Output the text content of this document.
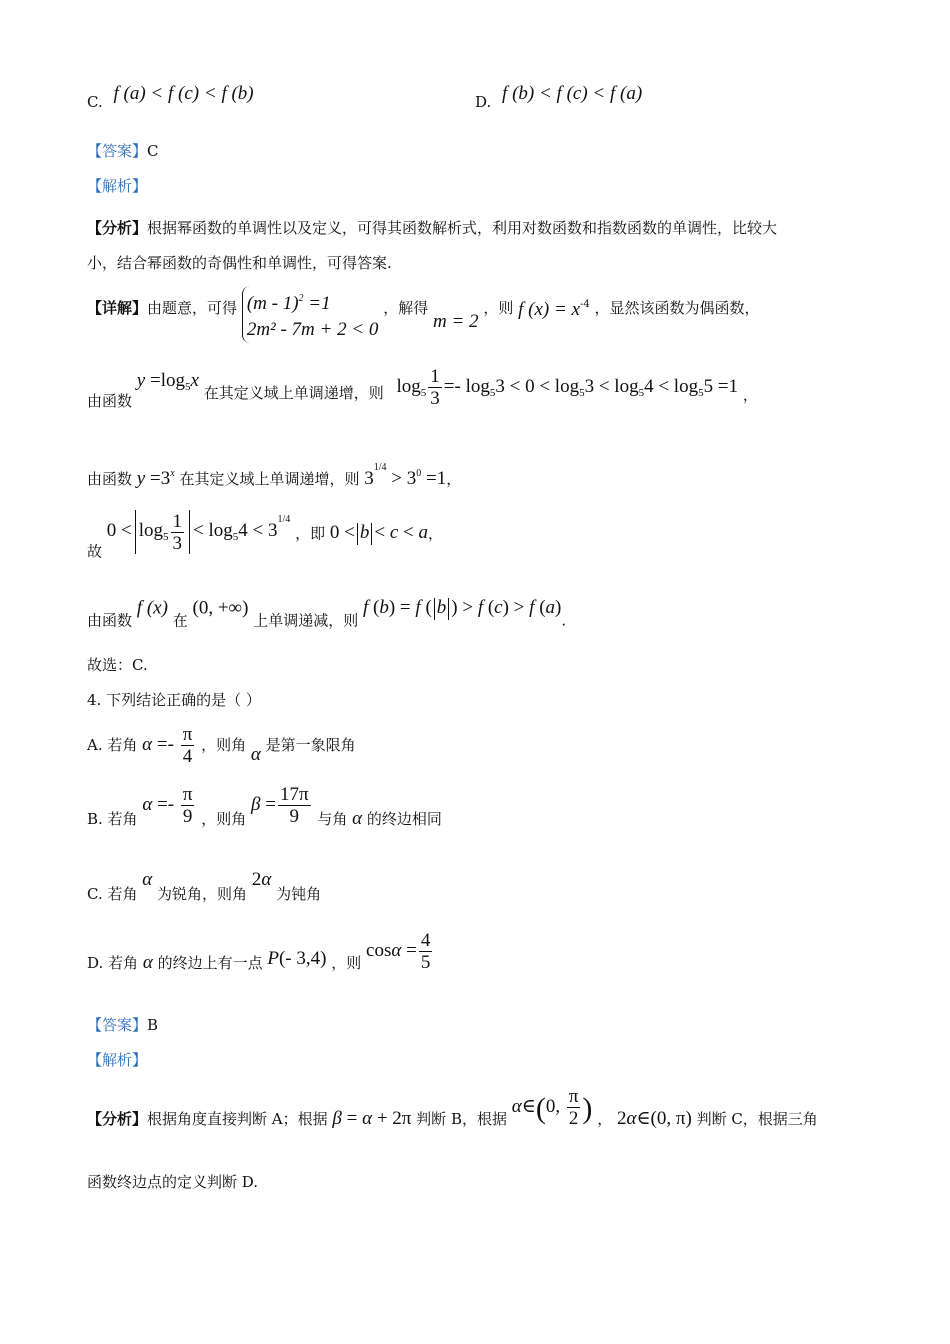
C. f (a) < f (c) < f (b)	D. f (b) < f (c) < f (a)
【答案】C
【解析】
【分析】根据幂函数的单调性以及定义，可得其函数解析式，利用对数函数和指数函数的单调性，比较大
小，结合幂函数的奇偶性和单调性，可得答案.
【详解】由题意，可得 (m - 1)$^2$ =1
2m² - 7m + 2 < 0
，解得 m = 2 ，则 f $(x) = x^{-4}$ ，显然该函数为偶函数，
由函数 $y =\log_5x$ 在其定义域上单调递增，则 $\log_5 \frac{1}{3} =- \log_53 < 0 < \log_53 < \log_54 < \log_55 =1$ ，
由函数 $y =3^x$ 在其定义域上单调递增，则 $3^{1/4} > 3^0 =1$，
故 $0 < \log_5 \frac{1}{3} < \log_54 < 3^{1/4}$ ，即 0 < b < c < a，
由函数 f (x) 在 (0, +∞) 上单调递减，则 f (b) = f ( b ) > f (c) > f (a).
故选：C.
4. 下列结论正确的是（ ）
A. 若角 $\alpha =- \frac{\pi}{4}$ ，则角 α 是第一象限角
B. 若角 $\alpha =- \frac{\pi}{9}$ ，则角 $\beta = \frac{17\pi}{9}$ 与角 α 的终边相同
C. 若角 α 为锐角，则角 2α 为钝角
D. 若角 α 的终边上有一点 P(- 3,4) ，则 $\cos\alpha = \frac{4}{5}$
【答案】B
【解析】
【分析】根据角度直接判断 A；根据 β = α + 2π 判断 B，根据 α∈(0, $\frac{\pi}{2}$ ) ， 2α∈(0, π) 判断 C，根据三角
函数终边点的定义判断 D.
